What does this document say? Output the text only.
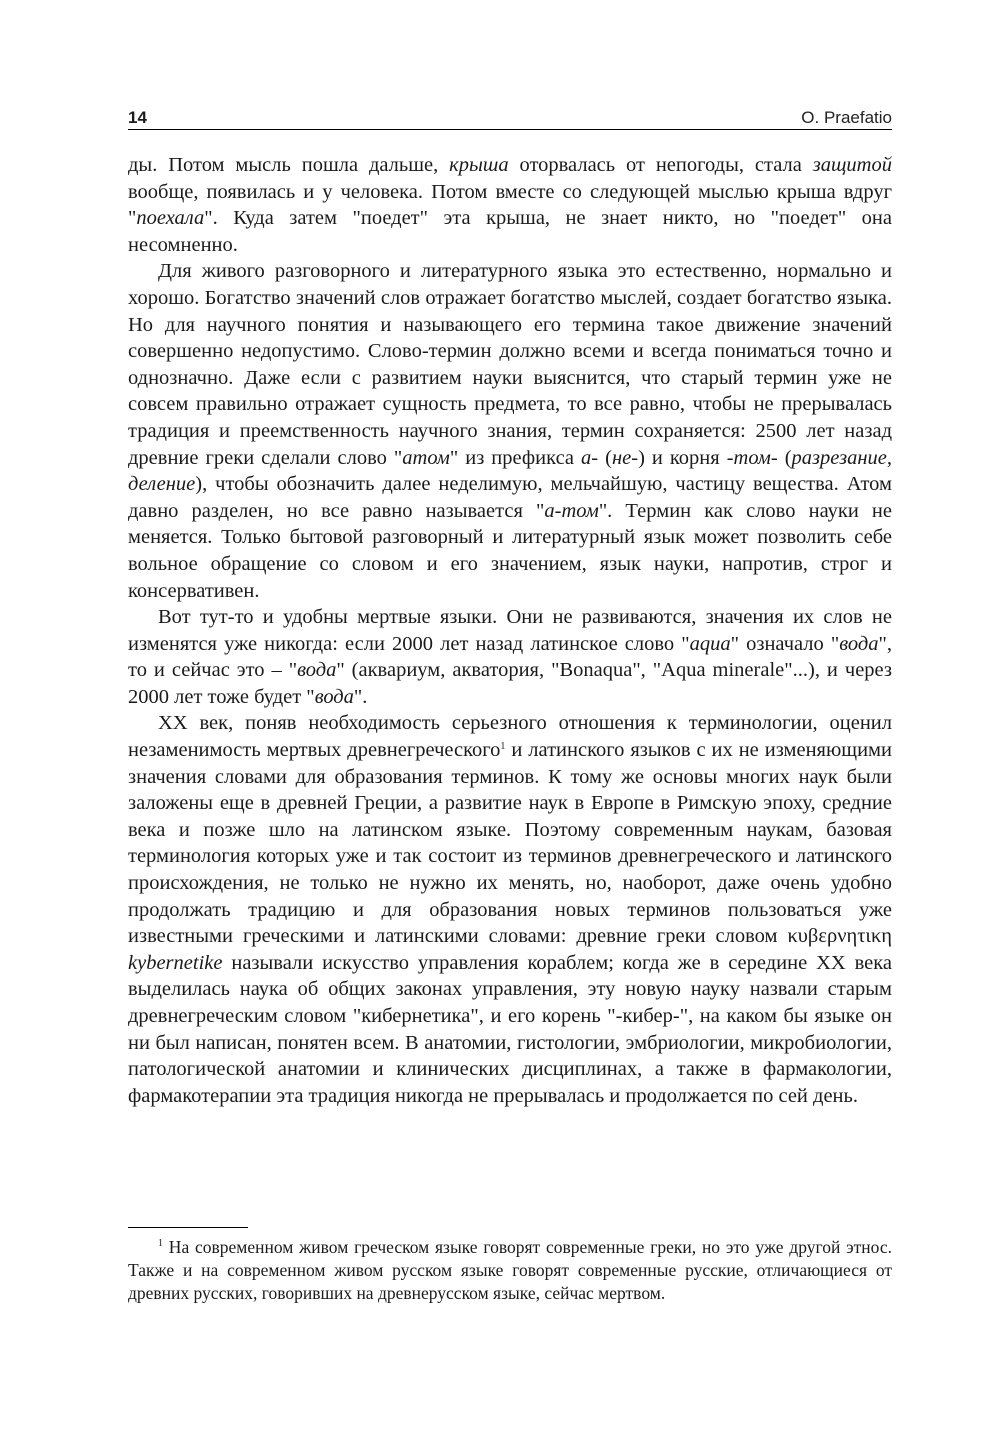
14	O. Praefatio

ды. Потом мысль пошла дальше, крыша оторвалась от непогоды, стала защитой вообще, появилась и у человека. Потом вместе со следующей мыслью крыша вдруг "поехала". Куда затем "поедет" эта крыша, не знает никто, но "поедет" она несомненно.

Для живого разговорного и литературного языка это естественно, нормально и хорошо. Богатство значений слов отражает богатство мыслей, создает богатство языка. Но для научного понятия и называющего его термина такое движение значений совершенно недопустимо. Слово-термин должно всеми и всегда пониматься точно и однозначно. Даже если с развитием науки выяснится, что старый термин уже не совсем правильно отражает сущность предмета, то все равно, чтобы не прерывалась традиция и преемственность научного знания, термин сохраняется: 2500 лет назад древние греки сделали слово "атом" из префикса а- (не-) и корня -том- (разрезание, деление), чтобы обозначить далее неделимую, мельчайшую, частицу вещества. Атом давно разделен, но все равно называется "а-том". Термин как слово науки не меняется. Только бытовой разговорный и литературный язык может позволить себе вольное обращение со словом и его значением, язык науки, напротив, строг и консервативен.

Вот тут-то и удобны мертвые языки. Они не развиваются, значения их слов не изменятся уже никогда: если 2000 лет назад латинское слово "aqua" означало "вода", то и сейчас это – "вода" (аквариум, акватория, "Bonaqua", "Aqua minerale"...), и через 2000 лет тоже будет "вода".

XX век, поняв необходимость серьезного отношения к терминологии, оценил незаменимость мертвых древнегреческого$^1$ и латинского языков с их не изменяющими значения словами для образования терминов. К тому же основы многих наук были заложены еще в древней Греции, а развитие наук в Европе в Римскую эпоху, средние века и позже шло на латинском языке. Поэтому современным наукам, базовая терминология которых уже и так состоит из терминов древнегреческого и латинского происхождения, не только не нужно их менять, но, наоборот, даже очень удобно продолжать традицию и для образования новых терминов пользоваться уже известными греческими и латинскими словами: древние греки словом κυβερνητικη kybernetike называли искусство управления кораблем; когда же в середине XX века выделилась наука об общих законах управления, эту новую науку назвали старым древнегреческим словом "кибернетика", и его корень "-кибер-", на каком бы языке он ни был написан, понятен всем. В анатомии, гистологии, эмбриологии, микробиологии, патологической анатомии и клинических дисциплинах, а также в фармакологии, фармакотерапии эта традиция никогда не прерывалась и продолжается по сей день.

$^1$ На современном живом греческом языке говорят современные греки, но это уже другой этнос. Также и на современном живом русском языке говорят современные русские, отличающиеся от древних русских, говоривших на древнерусском языке, сейчас мертвом.
